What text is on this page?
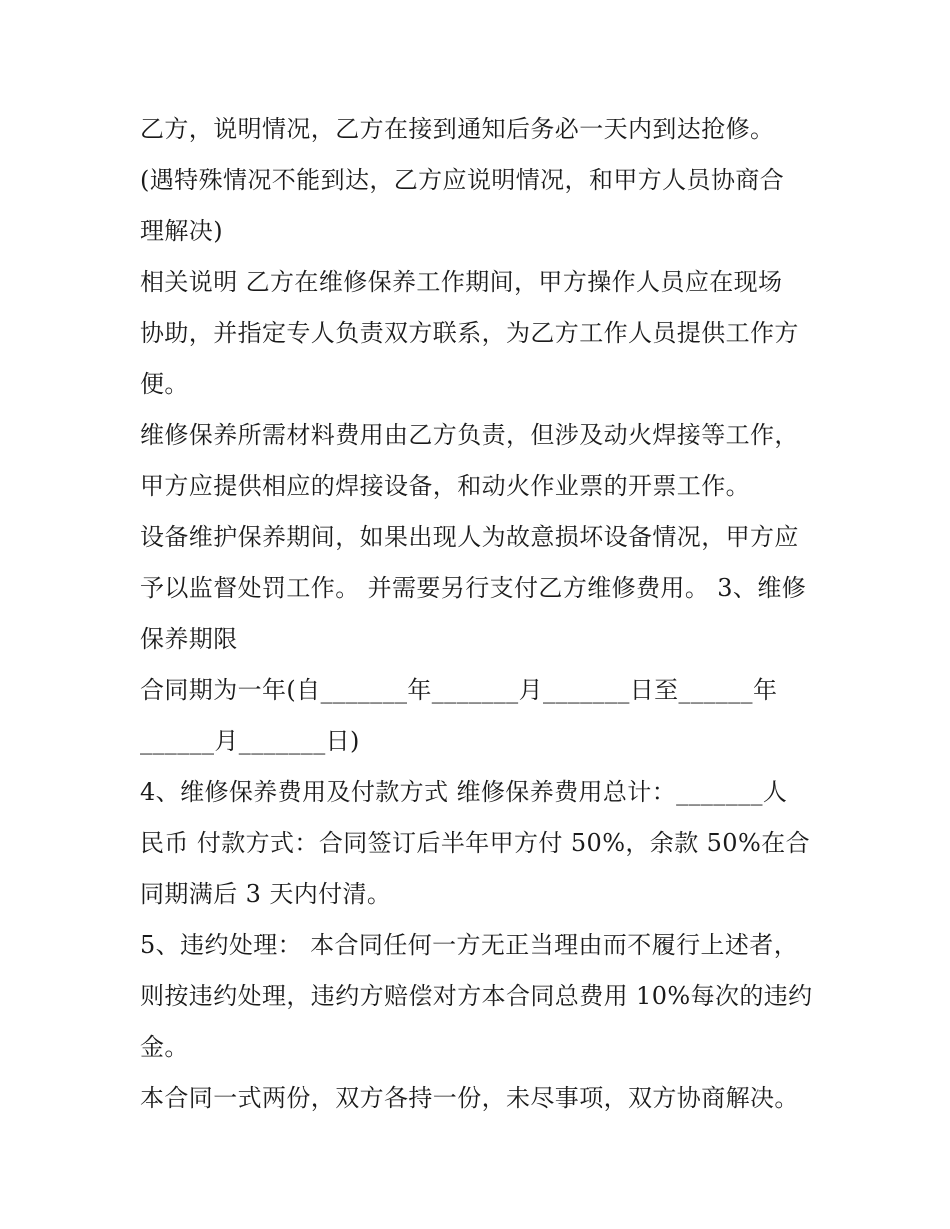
乙方，说明情况，乙方在接到通知后务必一天内到达抢修。
(遇特殊情况不能到达，乙方应说明情况，和甲方人员协商合
理解决)
相关说明 乙方在维修保养工作期间，甲方操作人员应在现场
协助，并指定专人负责双方联系，为乙方工作人员提供工作方
便。
维修保养所需材料费用由乙方负责，但涉及动火焊接等工作，
甲方应提供相应的焊接设备，和动火作业票的开票工作。
设备维护保养期间，如果出现人为故意损坏设备情况，甲方应
予以监督处罚工作。 并需要另行支付乙方维修费用。 3、维修
保养期限
合同期为一年(自_______年_______月_______日至______年
______月_______日)
4、维修保养费用及付款方式 维修保养费用总计：_______人
民币 付款方式：合同签订后半年甲方付 50%，余款 50%在合
同期满后 3 天内付清。
5、违约处理： 本合同任何一方无正当理由而不履行上述者，
则按违约处理，违约方赔偿对方本合同总费用 10%每次的违约
金。
本合同一式两份，双方各持一份，未尽事项，双方协商解决。
